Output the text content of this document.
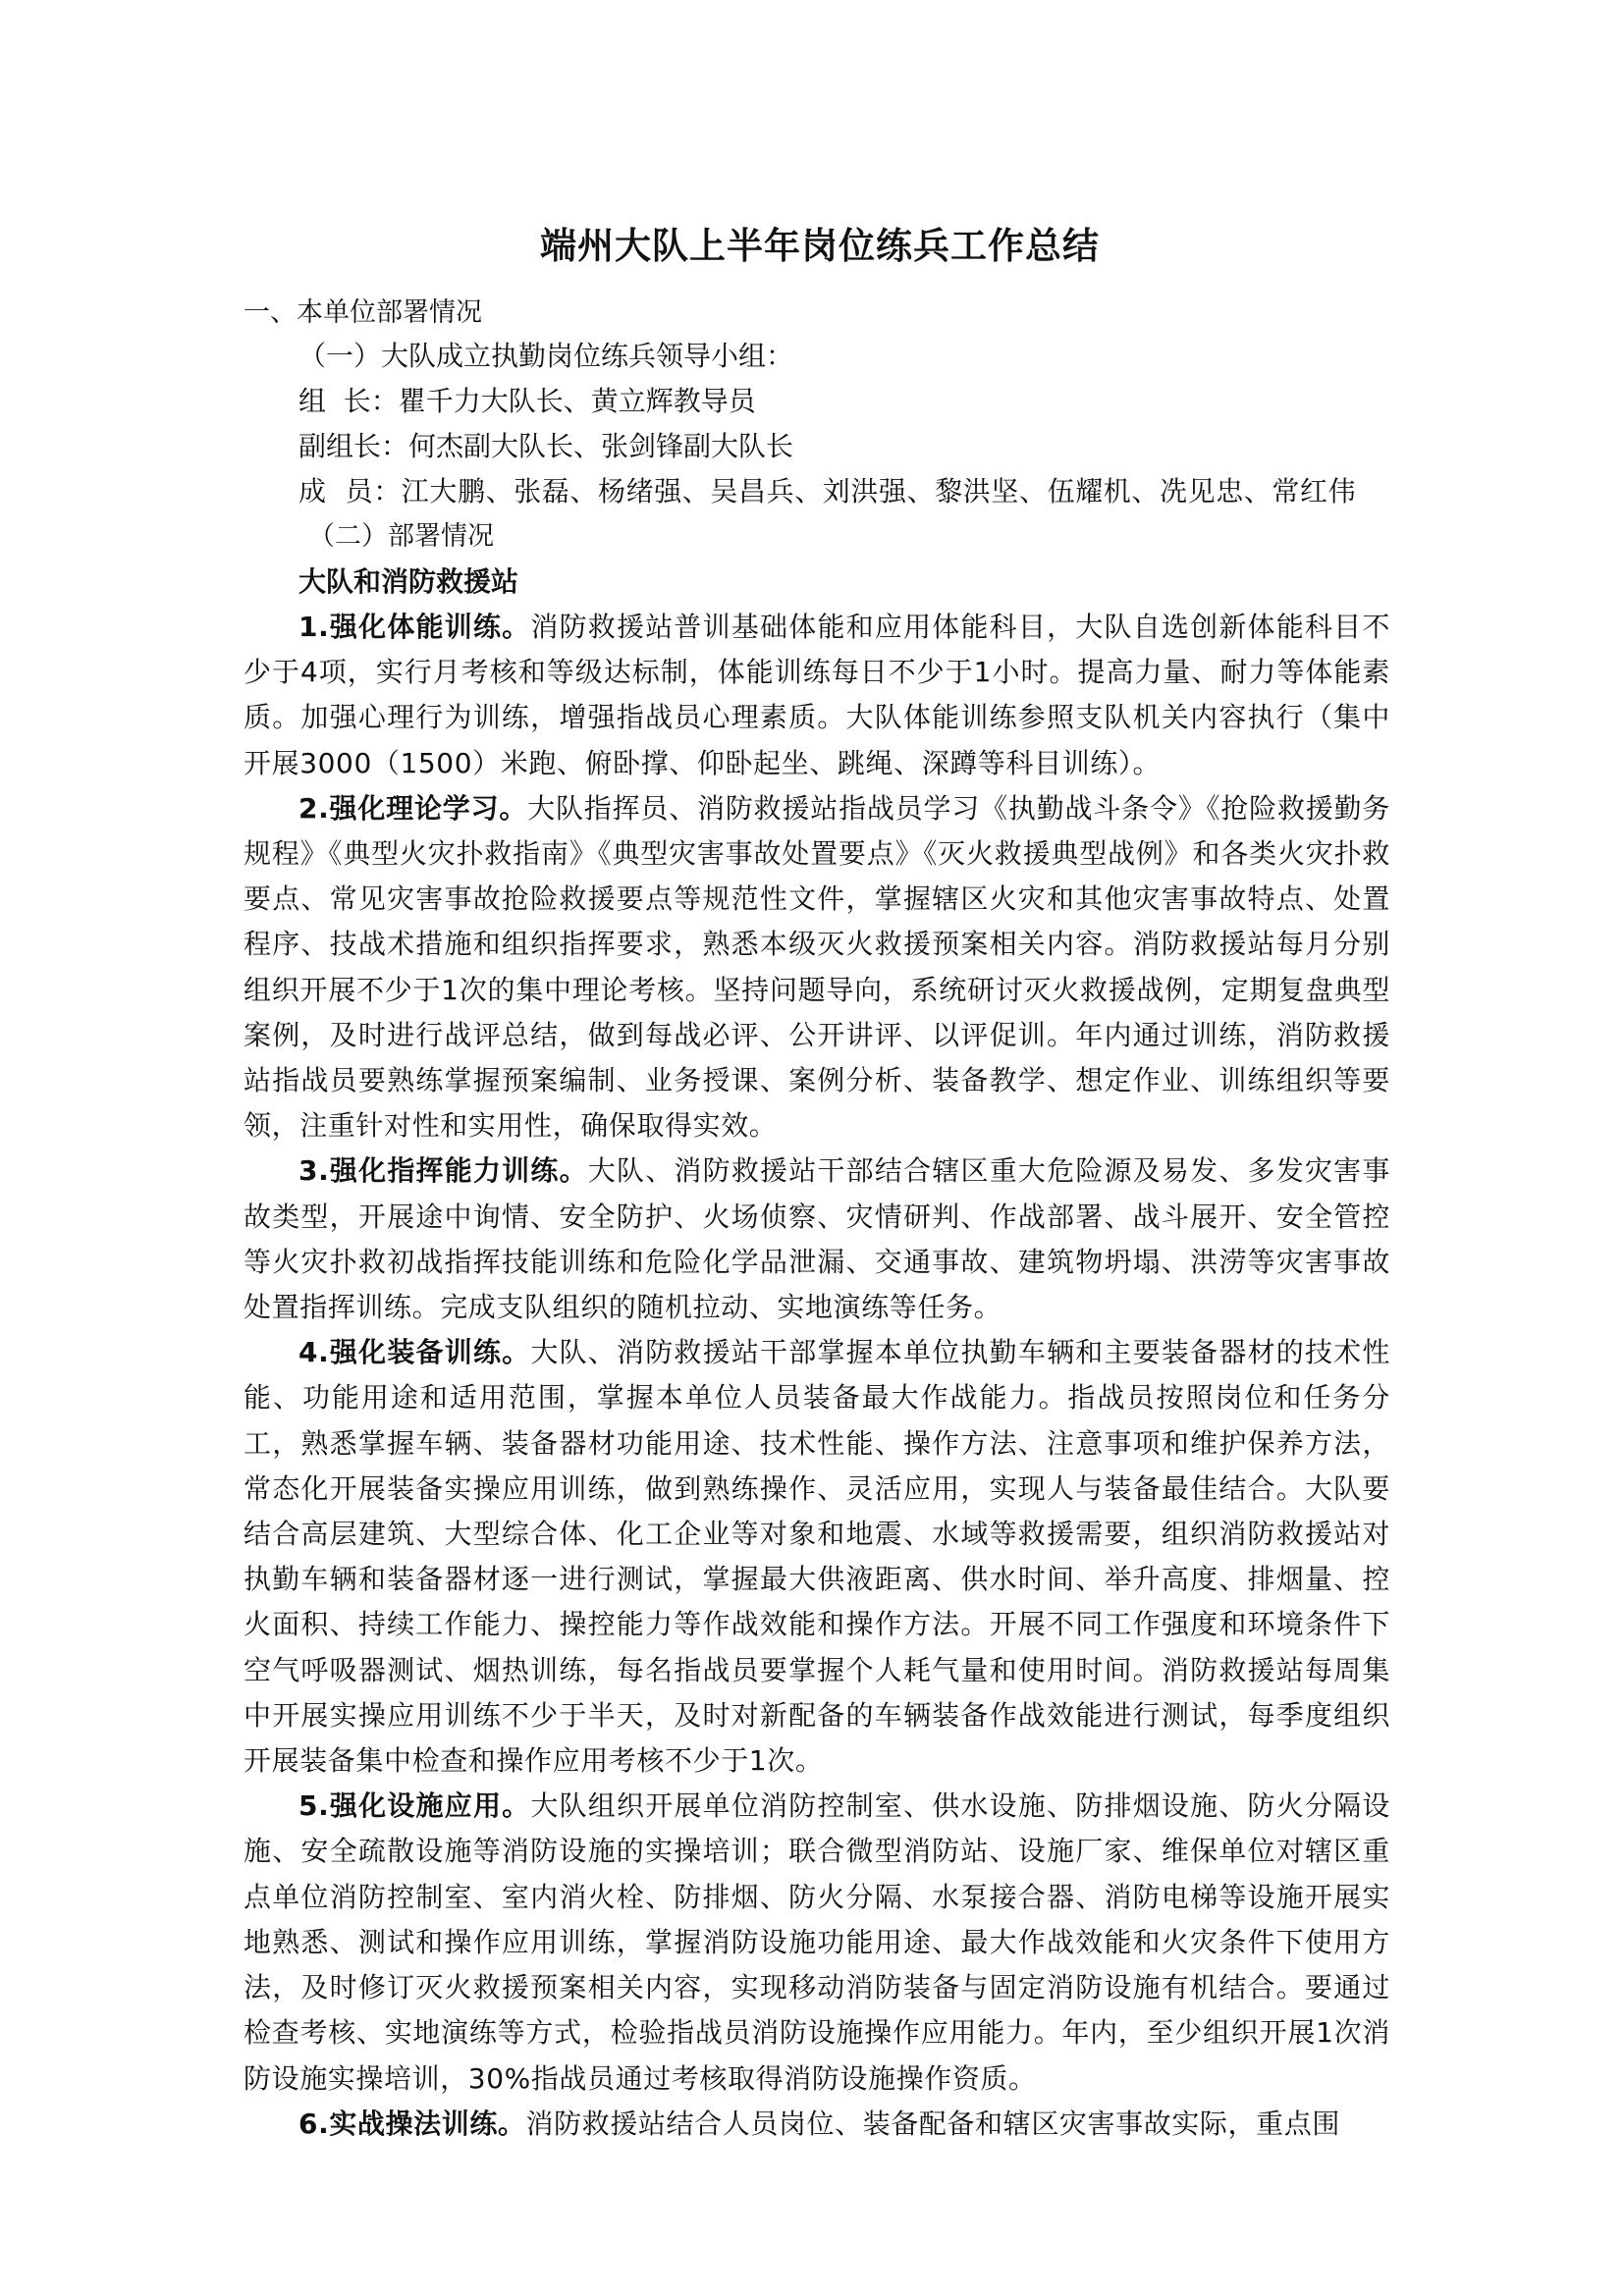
端州大队上半年岗位练兵工作总结

一、本单位部署情况

（一）大队成立执勤岗位练兵领导小组：

组  长：瞿千力大队长、黄立辉教导员

副组长：何杰副大队长、张剑锋副大队长

成  员：江大鹏、张磊、杨绪强、吴昌兵、刘洪强、黎洪坚、伍耀机、冼见忠、常红伟

（二）部署情况

大队和消防救援站

1.强化体能训练。消防救援站普训基础体能和应用体能科目，大队自选创新体能科目不少于4项，实行月考核和等级达标制，体能训练每日不少于1小时。提高力量、耐力等体能素质。加强心理行为训练，增强指战员心理素质。大队体能训练参照支队机关内容执行（集中开展3000（1500）米跑、俯卧撑、仰卧起坐、跳绳、深蹲等科目训练）。

2.强化理论学习。大队指挥员、消防救援站指战员学习《执勤战斗条令》《抢险救援勤务规程》《典型火灾扑救指南》《典型灾害事故处置要点》《灭火救援典型战例》和各类火灾扑救要点、常见灾害事故抢险救援要点等规范性文件，掌握辖区火灾和其他灾害事故特点、处置程序、技战术措施和组织指挥要求，熟悉本级灭火救援预案相关内容。消防救援站每月分别组织开展不少于1次的集中理论考核。坚持问题导向，系统研讨灭火救援战例，定期复盘典型案例，及时进行战评总结，做到每战必评、公开讲评、以评促训。年内通过训练，消防救援站指战员要熟练掌握预案编制、业务授课、案例分析、装备教学、想定作业、训练组织等要领，注重针对性和实用性，确保取得实效。

3.强化指挥能力训练。大队、消防救援站干部结合辖区重大危险源及易发、多发灾害事故类型，开展途中询情、安全防护、火场侦察、灾情研判、作战部署、战斗展开、安全管控等火灾扑救初战指挥技能训练和危险化学品泄漏、交通事故、建筑物坍塌、洪涝等灾害事故处置指挥训练。完成支队组织的随机拉动、实地演练等任务。

4.强化装备训练。大队、消防救援站干部掌握本单位执勤车辆和主要装备器材的技术性能、功能用途和适用范围，掌握本单位人员装备最大作战能力。指战员按照岗位和任务分工，熟悉掌握车辆、装备器材功能用途、技术性能、操作方法、注意事项和维护保养方法，常态化开展装备实操应用训练，做到熟练操作、灵活应用，实现人与装备最佳结合。大队要结合高层建筑、大型综合体、化工企业等对象和地震、水域等救援需要，组织消防救援站对执勤车辆和装备器材逐一进行测试，掌握最大供液距离、供水时间、举升高度、排烟量、控火面积、持续工作能力、操控能力等作战效能和操作方法。开展不同工作强度和环境条件下空气呼吸器测试、烟热训练，每名指战员要掌握个人耗气量和使用时间。消防救援站每周集中开展实操应用训练不少于半天，及时对新配备的车辆装备作战效能进行测试，每季度组织开展装备集中检查和操作应用考核不少于1次。

5.强化设施应用。大队组织开展单位消防控制室、供水设施、防排烟设施、防火分隔设施、安全疏散设施等消防设施的实操培训；联合微型消防站、设施厂家、维保单位对辖区重点单位消防控制室、室内消火栓、防排烟、防火分隔、水泵接合器、消防电梯等设施开展实地熟悉、测试和操作应用训练，掌握消防设施功能用途、最大作战效能和火灾条件下使用方法，及时修订灭火救援预案相关内容，实现移动消防装备与固定消防设施有机结合。要通过检查考核、实地演练等方式，检验指战员消防设施操作应用能力。年内，至少组织开展1次消防设施实操培训，30%指战员通过考核取得消防设施操作资质。

6.实战操法训练。消防救援站结合人员岗位、装备配备和辖区灾害事故实际，重点围
